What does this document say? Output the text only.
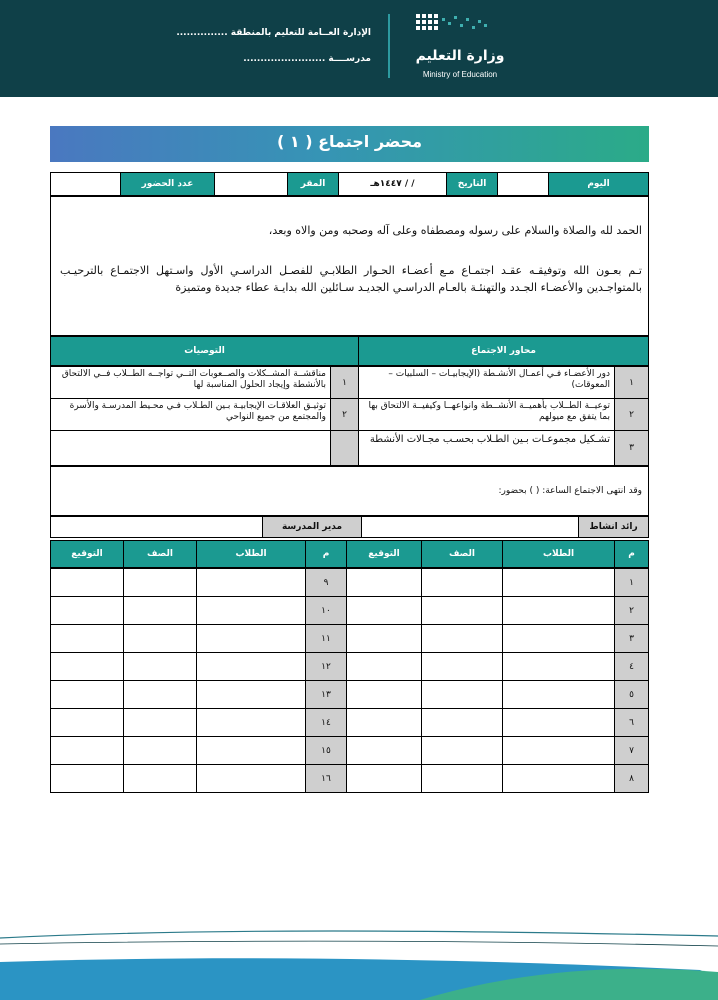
وزارة التعليم
Ministry of Education
الإدارة العــامة للتعليم بالمنطقة ...............
مدرســــة ........................
محضر اجتماع ( ١ )
اليوم
التاريخ
/ / ١٤٤٧هـ
المقر
عدد الحضور
الحمد لله والصلاة والسلام على رسوله ومصطفاه وعلى آله وصحبه ومن والاه وبعد،
تـم بعـون الله وتوفيقـه عقـد اجتمـاع مـع أعضـاء الحـوار الطلابـي للفصـل الدراسـي الأول واسـتهل الاجتمـاع بالترحيـب بالمتواجـدين والأعضـاء الجـدد والتهنئـة بالعـام الدراسـي الجديـد سـائلين الله بدايـة عطاء جديدة ومتميزة
محاور الاجتماع
التوصيات
١
دور الأعضـاء فـي أعمـال الأنشـطة (الإيجابيـات – السلبيات – المعوقات)
٢
توعيــة الطــلاب بأهميــة الأنشــطة وانواعهــا وكيفيــة الالتحاق بها بما يتفق مع ميولهم
٣
تشـكيل مجموعـات بـين الطـلاب بحسـب مجـالات الأنشطة
١
مناقشــة المشــكلات والصــعوبات التــي تواجــه الطــلاب فــي الالتحاق بالأنشطة وإيجاد الحلول المناسبة لها
٢
توثيـق العلاقـات الإيجابيـة بـين الطـلاب فـي محـيط المدرسـة والأسرة والمجتمع من جميع النواحي
وقد انتهى الاجتماع الساعة: ( ) بحضور:
رائد انشاط
مدير المدرسة
م
الطلاب
الصف
التوقيع
١
٢
٣
٤
٥
٦
٧
٨
م
الطلاب
الصف
التوقيع
٩
١٠
١١
١٢
١٣
١٤
١٥
١٦
